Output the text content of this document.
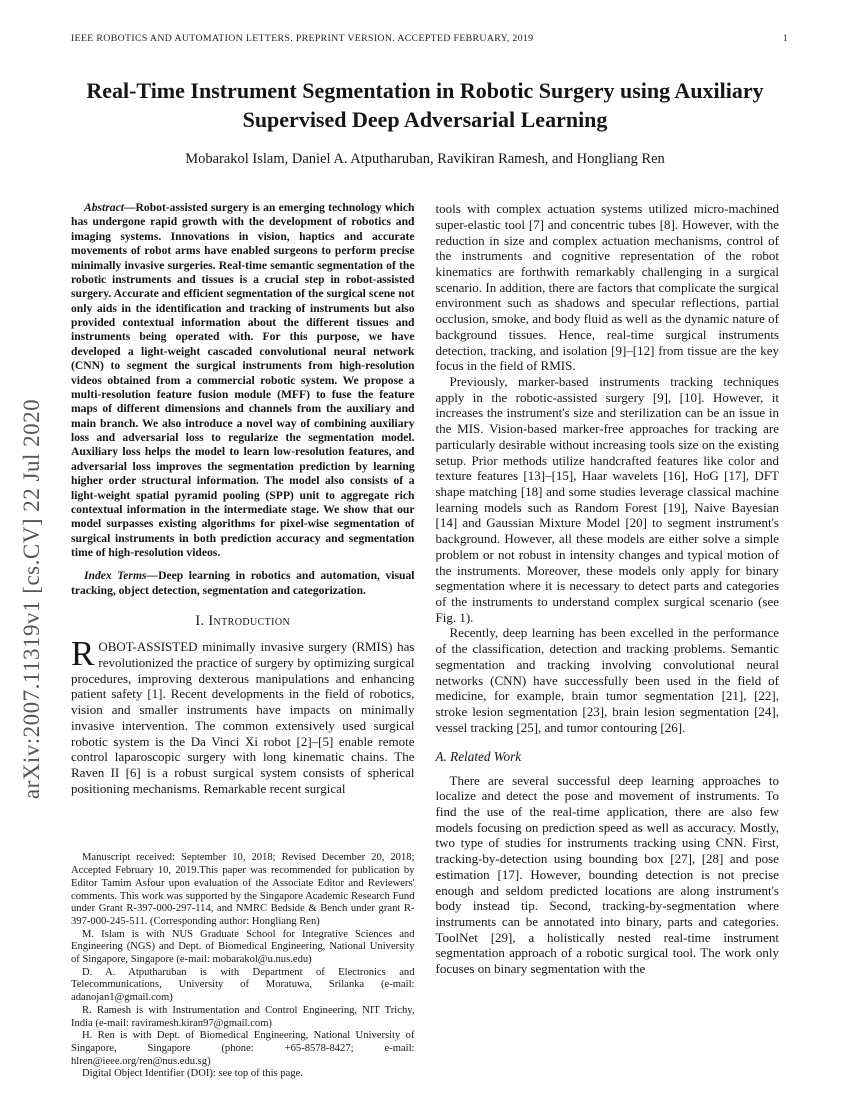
IEEE ROBOTICS AND AUTOMATION LETTERS. PREPRINT VERSION. ACCEPTED FEBRUARY, 2019	1
arXiv:2007.11319v1 [cs.CV] 22 Jul 2020
Real-Time Instrument Segmentation in Robotic Surgery using Auxiliary Supervised Deep Adversarial Learning
Mobarakol Islam, Daniel A. Atputharuban, Ravikiran Ramesh, and Hongliang Ren

Abstract—Robot-assisted surgery is an emerging technology which has undergone rapid growth with the development of robotics and imaging systems. Innovations in vision, haptics and accurate movements of robot arms have enabled surgeons to perform precise minimally invasive surgeries. Real-time semantic segmentation of the robotic instruments and tissues is a crucial step in robot-assisted surgery. Accurate and efficient segmentation of the surgical scene not only aids in the identification and tracking of instruments but also provided contextual information about the different tissues and instruments being operated with. For this purpose, we have developed a light-weight cascaded convolutional neural network (CNN) to segment the surgical instruments from high-resolution videos obtained from a commercial robotic system. We propose a multi-resolution feature fusion module (MFF) to fuse the feature maps of different dimensions and channels from the auxiliary and main branch. We also introduce a novel way of combining auxiliary loss and adversarial loss to regularize the segmentation model. Auxiliary loss helps the model to learn low-resolution features, and adversarial loss improves the segmentation prediction by learning higher order structural information. The model also consists of a light-weight spatial pyramid pooling (SPP) unit to aggregate rich contextual information in the intermediate stage. We show that our model surpasses existing algorithms for pixel-wise segmentation of surgical instruments in both prediction accuracy and segmentation time of high-resolution videos.

Index Terms—Deep learning in robotics and automation, visual tracking, object detection, segmentation and categorization.

I. Introduction

ROBOT-ASSISTED minimally invasive surgery (RMIS) has revolutionized the practice of surgery by optimizing surgical procedures, improving dexterous manipulations and enhancing patient safety [1]. Recent developments in the field of robotics, vision and smaller instruments have impacts on minimally invasive intervention. The common extensively used surgical robotic system is the Da Vinci Xi robot [2]–[5] enable remote control laparoscopic surgery with long kinematic chains. The Raven II [6] is a robust surgical system consists of spherical positioning mechanisms. Remarkable recent surgical

Manuscript received: September 10, 2018; Revised December 20, 2018; Accepted February 10, 2019.This paper was recommended for publication by Editor Tamim Asfour upon evaluation of the Associate Editor and Reviewers' comments. This work was supported by the Singapore Academic Research Fund under Grant R-397-000-297-114, and NMRC Bedside & Bench under grant R-397-000-245-511. (Corresponding author: Hongliang Ren)

M. Islam is with NUS Graduate School for Integrative Sciences and Engineering (NGS) and Dept. of Biomedical Engineering, National University of Singapore, Singapore (e-mail: mobarakol@u.nus.edu)

D. A. Atputharuban is with Department of Electronics and Telecommunications, University of Moratuwa, Srilanka (e-mail: adanojan1@gmail.com)

R. Ramesh is with Instrumentation and Control Engineering, NIT Trichy, India (e-mail: raviramesh.kiran97@gmail.com)

H. Ren is with Dept. of Biomedical Engineering, National University of Singapore, Singapore (phone: +65-8578-8427; e-mail: hlren@ieee.org/ren@nus.edu.sg)

Digital Object Identifier (DOI): see top of this page.

tools with complex actuation systems utilized micro-machined super-elastic tool [7] and concentric tubes [8]. However, with the reduction in size and complex actuation mechanisms, control of the instruments and cognitive representation of the robot kinematics are forthwith remarkably challenging in a surgical scenario. In addition, there are factors that complicate the surgical environment such as shadows and specular reflections, partial occlusion, smoke, and body fluid as well as the dynamic nature of background tissues. Hence, real-time surgical instruments detection, tracking, and isolation [9]–[12] from tissue are the key focus in the field of RMIS.

Previously, marker-based instruments tracking techniques apply in the robotic-assisted surgery [9], [10]. However, it increases the instrument's size and sterilization can be an issue in the MIS. Vision-based marker-free approaches for tracking are particularly desirable without increasing tools size on the existing setup. Prior methods utilize handcrafted features like color and texture features [13]–[15], Haar wavelets [16], HoG [17], DFT shape matching [18] and some studies leverage classical machine learning models such as Random Forest [19], Naive Bayesian [14] and Gaussian Mixture Model [20] to segment instrument's background. However, all these models are either solve a simple problem or not robust in intensity changes and typical motion of the instruments. Moreover, these models only apply for binary segmentation where it is necessary to detect parts and categories of the instruments to understand complex surgical scenario (see Fig. 1).

Recently, deep learning has been excelled in the performance of the classification, detection and tracking problems. Semantic segmentation and tracking involving convolutional neural networks (CNN) have successfully been used in the field of medicine, for example, brain tumor segmentation [21], [22], stroke lesion segmentation [23], brain lesion segmentation [24], vessel tracking [25], and tumor contouring [26].

A. Related Work

There are several successful deep learning approaches to localize and detect the pose and movement of instruments. To find the use of the real-time application, there are also few models focusing on prediction speed as well as accuracy. Mostly, two type of studies for instruments tracking using CNN. First, tracking-by-detection using bounding box [27], [28] and pose estimation [17]. However, bounding detection is not precise enough and seldom predicted locations are along instrument's body instead tip. Second, tracking-by-segmentation where instruments can be annotated into binary, parts and categories. ToolNet [29], a holistically nested real-time instrument segmentation approach of a robotic surgical tool. The work only focuses on binary segmentation with the
